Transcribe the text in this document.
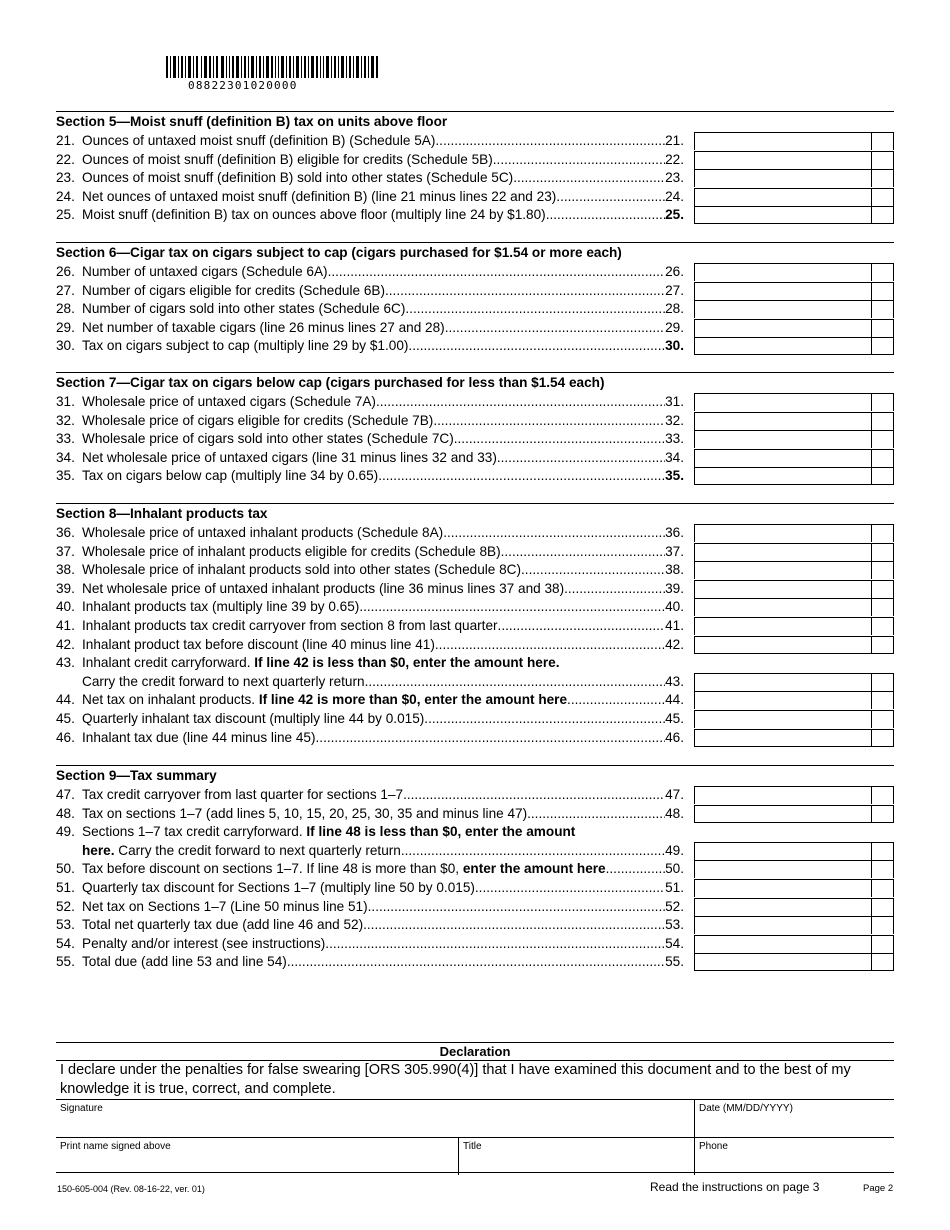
08822301020000
Section 5—Moist snuff (definition B) tax on units above floor
21. Ounces of untaxed moist snuff (definition B) (Schedule 5A) .....	21.
22. Ounces of moist snuff (definition B) eligible for credits (Schedule 5B) .....	22.
23. Ounces of moist snuff (definition B) sold into other states (Schedule 5C) .....	23.
24. Net ounces of untaxed moist snuff (definition B) (line 21 minus lines 22 and 23) .....	24.
25. Moist snuff (definition B) tax on ounces above floor (multiply line 24 by $1.80) .....	25.
Section 6—Cigar tax on cigars subject to cap (cigars purchased for $1.54 or more each)
26. Number of untaxed cigars (Schedule 6A) .....	26.
27. Number of cigars eligible for credits (Schedule 6B) .....	27.
28. Number of cigars sold into other states (Schedule 6C) .....	28.
29. Net number of taxable cigars (line 26 minus lines 27 and 28) .....	29.
30. Tax on cigars subject to cap (multiply line 29 by $1.00) .....	30.
Section 7—Cigar tax on cigars below cap (cigars purchased for less than $1.54 each)
31. Wholesale price of untaxed cigars (Schedule 7A) .....	31.
32. Wholesale price of cigars eligible for credits (Schedule 7B) .....	32.
33. Wholesale price of cigars sold into other states (Schedule 7C) .....	33.
34. Net wholesale price of untaxed cigars (line 31 minus lines 32 and 33) .....	34.
35. Tax on cigars below cap (multiply line 34 by 0.65) .....	35.
Section 8—Inhalant products tax
36. Wholesale price of untaxed inhalant products (Schedule 8A) .....	36.
37. Wholesale price of inhalant products eligible for credits (Schedule 8B) .....	37.
38. Wholesale price of inhalant products sold into other states (Schedule 8C) .....	38.
39. Net wholesale price of untaxed inhalant products (line 36 minus lines 37 and 38) .....	39.
40. Inhalant products tax (multiply line 39 by 0.65) .....	40.
41. Inhalant products tax credit carryover from section 8 from last quarter .....	41.
42. Inhalant product tax before discount (line 40 minus line 41) .....	42.
43. Inhalant credit carryforward. If line 42 is less than $0, enter the amount here.
Carry the credit forward to next quarterly return .....	43.
44. Net tax on inhalant products. If line 42 is more than $0, enter the amount here .....	44.
45. Quarterly inhalant tax discount (multiply line 44 by 0.015) .....	45.
46. Inhalant tax due (line 44 minus line 45) .....	46.
Section 9—Tax summary
47. Tax credit carryover from last quarter for sections 1–7 .....	47.
48. Tax on sections 1–7 (add lines 5, 10, 15, 20, 25, 30, 35 and minus line 47) .....	48.
49. Sections 1–7 tax credit carryforward. If line 48 is less than $0, enter the amount
here. Carry the credit forward to next quarterly return .....	49.
50. Tax before discount on sections 1–7. If line 48 is more than $0, enter the amount here .....	50.
51. Quarterly tax discount for Sections 1–7 (multiply line 50 by 0.015) .....	51.
52. Net tax on Sections 1–7 (Line 50 minus line 51) .....	52.
53. Total net quarterly tax due (add line 46 and 52) .....	53.
54. Penalty and/or interest (see instructions) .....	54.
55. Total due (add line 53 and line 54) .....	55.
Declaration
I declare under the penalties for false swearing [ORS 305.990(4)] that I have examined this document and to the best of my knowledge it is true, correct, and complete.
Signature	Date (MM/DD/YYYY)
Print name signed above	Title	Phone
150-605-004 (Rev. 08-16-22, ver. 01)	Read the instructions on page 3	Page 2
